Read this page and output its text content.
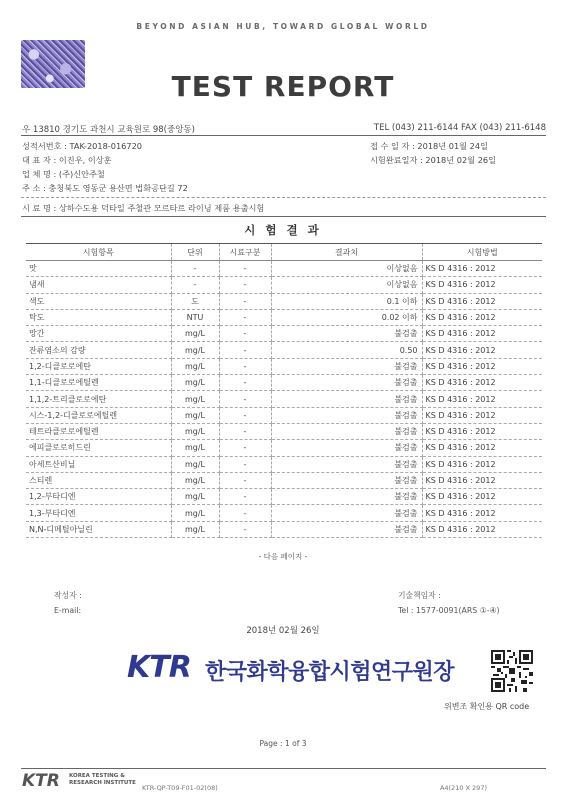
BEYOND ASIAN HUB, TOWARD GLOBAL WORLD
TEST REPORT
우 13810 경기도 과천시 교육원로 98(중앙동)	TEL (043) 211-6144 FAX (043) 211-6148
성적서번호 : TAK-2018-016720
대 표 자 : 이진우, 이상훈
업 체 명 : (주)신안주철
주 소 : 충청북도 영동군 용산면 법화공단길 72
접 수 일 자 : 2018년 01월 24일
시험완료일자 : 2018년 02월 26일
시 료 명 : 상하수도용 덕타일 주철관 모르타르 라이닝 제품 용출시험
시 험 결 과
시험항목	단위	시료구분	결과치	시험방법
맛	-	-	이상없음	KS D 4316 : 2012
냄새	-	-	이상없음	KS D 4316 : 2012
색도	도	-	0.1 이하	KS D 4316 : 2012
탁도	NTU	-	0.02 이하	KS D 4316 : 2012
망간	mg/L	-	불검출	KS D 4316 : 2012
잔류염소의 감량	mg/L	-	0.50	KS D 4316 : 2012
1,2-디클로로에탄	mg/L	-	불검출	KS D 4316 : 2012
1,1-디클로로에틸렌	mg/L	-	불검출	KS D 4316 : 2012
1,1,2-트리클로로에탄	mg/L	-	불검출	KS D 4316 : 2012
시스-1,2-디클로로에틸렌	mg/L	-	불검출	KS D 4316 : 2012
테트라클로로에틸렌	mg/L	-	불검출	KS D 4316 : 2012
에피클로로히드린	mg/L	-	불검출	KS D 4316 : 2012
아세트산비닐	mg/L	-	불검출	KS D 4316 : 2012
스티렌	mg/L	-	불검출	KS D 4316 : 2012
1,2-부타디엔	mg/L	-	불검출	KS D 4316 : 2012
1,3-부타디엔	mg/L	-	불검출	KS D 4316 : 2012
N,N-디메틸아닐린	mg/L	-	불검출	KS D 4316 : 2012
- 다음 페이지 -
작성자 :
E-mail:
기술책임자 :
Tel : 1577-0091(ARS ①-④)
2018년 02월 26일
KTR 한국화학융합시험연구원장
위변조 확인용 QR code
Page : 1 of 3
KTR KOREA TESTING &
RESEARCH INSTITUTE
KTR-QP-T09-F01-02(08)	A4(210 X 297)
